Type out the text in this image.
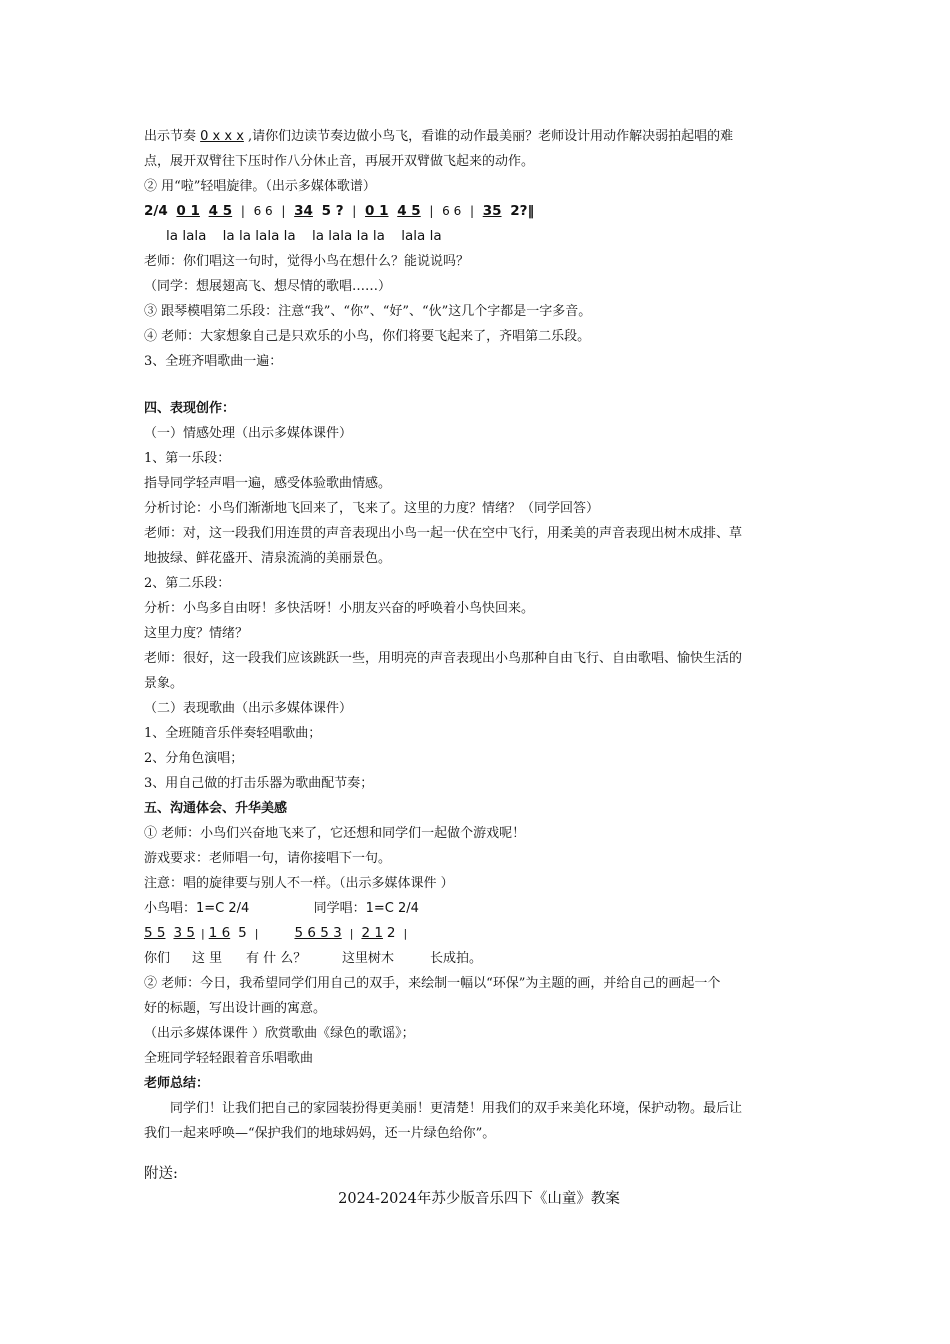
出示节奏 0 x x x ,请你们边读节奏边做小鸟飞，看谁的动作最美丽？老师设计用动作解决弱拍起唱的难
点，展开双臂往下压时作八分休止音，再展开双臂做飞起来的动作。
② 用“啦”轻唱旋律。（出示多媒体歌谱）
2/4 0 1 4 5 | 6 6 | 34 5 ? | 0 1 4 5 | 6 6 | 35 2?‖
la lala la la lala la la lala la la lala la
老师：你们唱这一句时，觉得小鸟在想什么？能说说吗？
（同学：想展翅高飞、想尽情的歌唱……）
③ 跟琴模唱第二乐段：注意“我”、“你”、“好”、“伙”这几个字都是一字多音。
④ 老师：大家想象自己是只欢乐的小鸟，你们将要飞起来了，齐唱第二乐段。
3、全班齐唱歌曲一遍：
四、表现创作：
（一）情感处理（出示多媒体课件）
1、第一乐段：
指导同学轻声唱一遍，感受体验歌曲情感。
分析讨论：小鸟们渐渐地飞回来了，飞来了。这里的力度？情绪？（同学回答）
老师：对，这一段我们用连贯的声音表现出小鸟一起一伏在空中飞行，用柔美的声音表现出树木成排、草
地披绿、鲜花盛开、清泉流淌的美丽景色。
2、第二乐段：
分析：小鸟多自由呀！多快活呀！小朋友兴奋的呼唤着小鸟快回来。
这里力度？情绪？
老师：很好，这一段我们应该跳跃一些，用明亮的声音表现出小鸟那种自由飞行、自由歌唱、愉快生活的
景象。
（二）表现歌曲（出示多媒体课件）
1、全班随音乐伴奏轻唱歌曲；
2、分角色演唱；
3、用自己做的打击乐器为歌曲配节奏；
五、沟通体会、升华美感
① 老师：小鸟们兴奋地飞来了，它还想和同学们一起做个游戏呢！
游戏要求：老师唱一句，请你接唱下一句。
注意：唱的旋律要与别人不一样。（出示多媒体课件 ）
小鸟唱：1=C 2/4	同学唱：1=C 2/4
5 5 3 5 | 1 6 5 |	5 6 5 3 | 2 1 2 |
你们 这 里 有 什 么？	这里树木	长成拍。
② 老师：今日，我希望同学们用自己的双手，来绘制一幅以“环保”为主题的画，并给自己的画起一个
好的标题，写出设计画的寓意。
（出示多媒体课件 ）欣赏歌曲《绿色的歌谣》；
全班同学轻轻跟着音乐唱歌曲
老师总结：
同学们！让我们把自己的家园装扮得更美丽！更清楚！用我们的双手来美化环境，保护动物。最后让
我们一起来呼唤—“保护我们的地球妈妈，还一片绿色给你”。
附送:
2024-2024年苏少版音乐四下《山童》教案
